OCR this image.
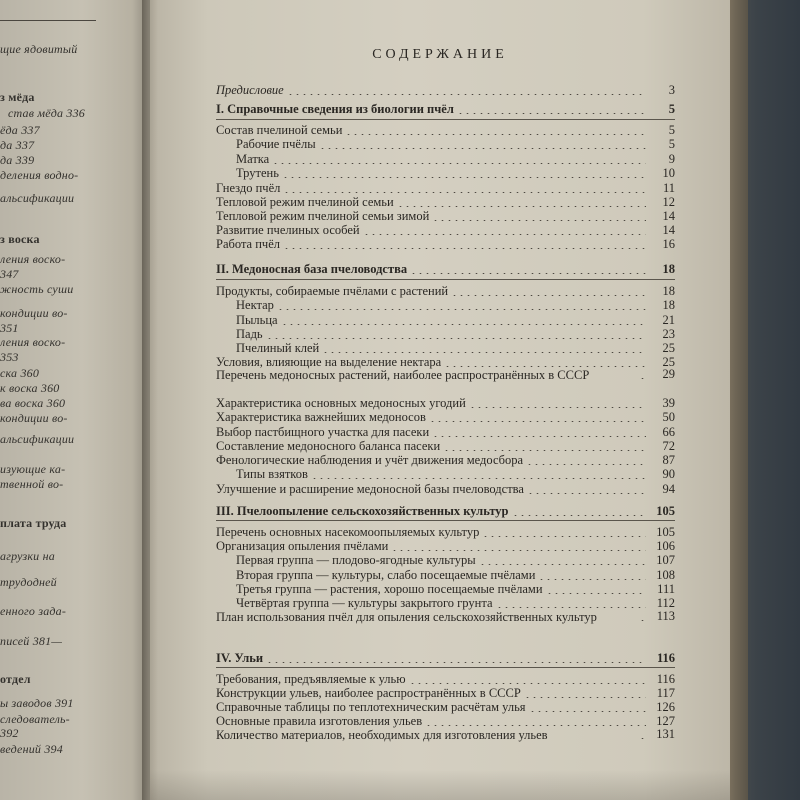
щие ядовитый
з мёда
став мёда 336
ёда 337
да 337
да 339
деления водно-
альсификации
з воска
ления воско-
347
жность суши
кондиции во-
351
ления воско-
353
ска 360
к воска 360
ва воска 360
кондиции во-
альсификации
изующие ка-
твенной во-
плата труда
агрузки на
трудодней
енного зада-
писей 381—
отдел
ы заводов 391
следователь-
392
ведений 394
СОДЕРЖАНИЕ
Предисловие	3
I. Справочные сведения из биологии пчёл	5
Состав пчелиной семьи	5
Рабочие пчёлы	5
Матка	9
Трутень	10
Гнездо пчёл	11
Тепловой режим пчелиной семьи	12
Тепловой режим пчелиной семьи зимой	14
Развитие пчелиных особей	14
Работа пчёл	16
II. Медоносная база пчеловодства	18
Продукты, собираемые пчёлами с растений	18
Нектар	18
Пыльца	21
Падь	23
Пчелиный клей	25
Условия, влияющие на выделение нектара	25
Перечень медоносных растений, наиболее распространённых в СССР	29
Характеристика основных медоносных угодий	39
Характеристика важнейших медоносов	50
Выбор пастбищного участка для пасеки	66
Составление медоносного баланса пасеки	72
Фенологические наблюдения и учёт движения медосбора	87
Типы взятков	90
Улучшение и расширение медоносной базы пчеловодства	94
III. Пчелоопыление сельскохозяйственных культур	105
Перечень основных насекомоопыляемых культур	105
Организация опыления пчёлами	106
Первая группа — плодово-ягодные культуры	107
Вторая группа — культуры, слабо посещаемые пчёлами	108
Третья группа — растения, хорошо посещаемые пчёлами	111
Четвёртая группа — культуры закрытого грунта	112
План использования пчёл для опыления сельскохозяйственных культур	113
IV. Ульи	116
Требования, предъявляемые к улью	116
Конструкции ульев, наиболее распространённых в СССР	117
Справочные таблицы по теплотехническим расчётам улья	126
Основные правила изготовления ульев	127
Количество материалов, необходимых для изготовления ульев	131
